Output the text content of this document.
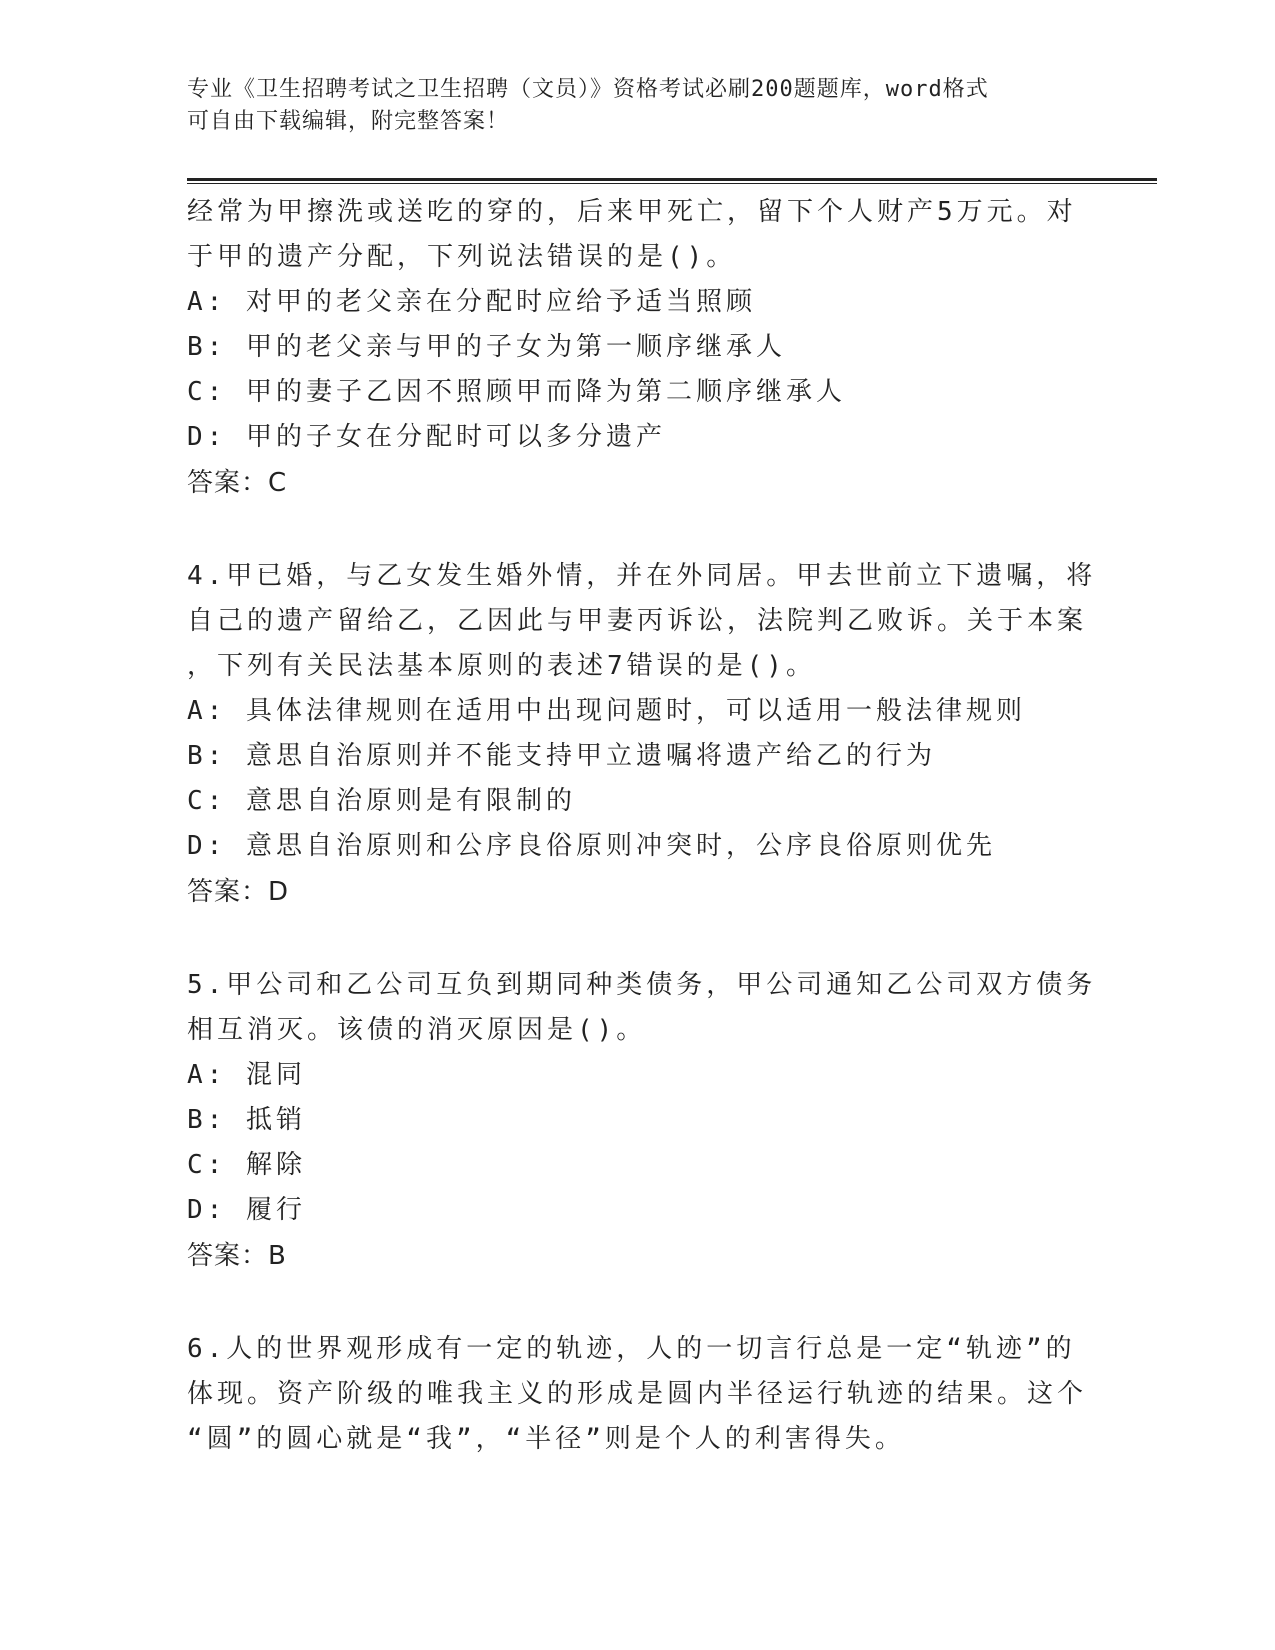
专业《卫生招聘考试之卫生招聘（文员）》资格考试必刷200题题库，word格式
可自由下载编辑，附完整答案！
经常为甲擦洗或送吃的穿的，后来甲死亡，留下个人财产5万元。对
于甲的遗产分配，下列说法错误的是()。
A: 对甲的老父亲在分配时应给予适当照顾
B: 甲的老父亲与甲的子女为第一顺序继承人
C: 甲的妻子乙因不照顾甲而降为第二顺序继承人
D: 甲的子女在分配时可以多分遗产
答案：C
4.甲已婚，与乙女发生婚外情，并在外同居。甲去世前立下遗嘱，将
自己的遗产留给乙，乙因此与甲妻丙诉讼，法院判乙败诉。关于本案
，下列有关民法基本原则的表述7错误的是()。
A: 具体法律规则在适用中出现问题时，可以适用一般法律规则
B: 意思自治原则并不能支持甲立遗嘱将遗产给乙的行为
C: 意思自治原则是有限制的
D: 意思自治原则和公序良俗原则冲突时，公序良俗原则优先
答案：D
5.甲公司和乙公司互负到期同种类债务，甲公司通知乙公司双方债务
相互消灭。该债的消灭原因是()。
A: 混同
B: 抵销
C: 解除
D: 履行
答案：B
6.人的世界观形成有一定的轨迹，人的一切言行总是一定“轨迹”的
体现。资产阶级的唯我主义的形成是圆内半径运行轨迹的结果。这个
“圆”的圆心就是“我”，“半径”则是个人的利害得失。
